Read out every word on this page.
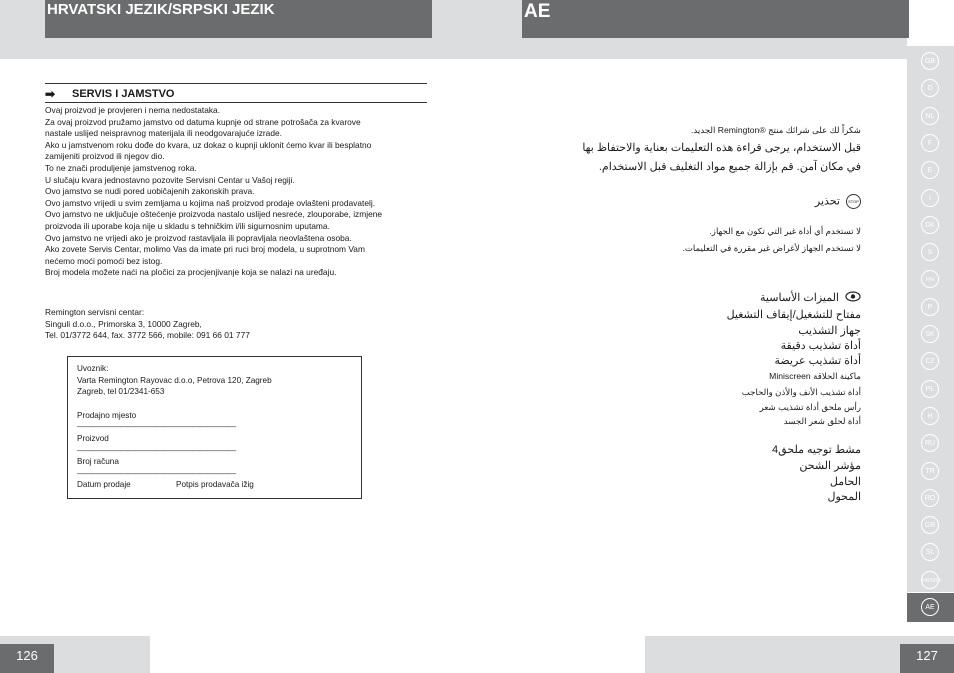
HRVATSKI JEZIK/SRPSKI JEZIK
➡ SERVIS I JAMSTVO
Ovaj proizvod je provjeren i nema nedostataka.
Za ovaj proizvod pružamo jamstvo od datuma kupnje od strane potrošača za kvarove
nastale uslijed neispravnog materijala ili neodgovarajuće izrade.
Ako u jamstvenom roku dođe do kvara, uz dokaz o kupnji uklonit ćemo kvar ili besplatno
zamijeniti proizvod ili njegov dio.
To ne znači produljenje jamstvenog roka.
U slučaju kvara jednostavno pozovite Servisni Centar u Vašoj regiji.
Ovo jamstvo se nudi pored uobičajenih zakonskih prava.
Ovo jamstvo vrijedi u svim zemljama u kojima naš proizvod prodaje ovlašteni prodavatelj.
Ovo jamstvo ne uključuje oštećenje proizvoda nastalo uslijed nesreće, zlouporabe, izmjene
proizvoda ili uporabe koja nije u skladu s tehničkim i/ili sigurnosnim uputama.
Ovo jamstvo ne vrijedi ako je proizvod rastavljala ili popravljala neovlaštena osoba.
Ako zovete Servis Centar, molimo Vas da imate pri ruci broj modela, u suprotnom Vam
nećemo moći pomoći bez istog.
Broj modela možete naći na pločici za procjenjivanje koja se nalazi na uređaju.
Remington servisni centar:
Singuli d.o.o., Primorska 3, 10000 Zagreb,
Tel. 01/3772 644, fax. 3772 566, mobile: 091 66 01 777
Uvoznik:
Varta Remington Rayovac d.o.o, Petrova 120, Zagreb
Zagreb, tel 01/2341-653
Prodajno mjesto
——————————————————————
Proizvod
——————————————————————
Broj računa
——————————————————————
Datum prodaje	Potpis prodavača ižig
126
AE
شكراً لك على شرائك منتج ®Remington الجديد.
قبل الاستخدام، يرجى قراءة هذه التعليمات بعناية والاحتفاظ بها
في مكان آمن. قم بإزالة جميع مواد التغليف قبل الاستخدام.
STOPتحذير
لا تستخدم أي أداة غير التي تكون مع الجهاز.
لا تستخدم الجهاز لأغراض غير مقررة في التعليمات.
الميزات الأساسية
مفتاح للتشغيل/إيقاف التشغيل
جهاز التشذيب
أداة تشذيب دقيقة
أداة تشذيب عريضة
ماكينة الحلاقة Miniscreen
أداة تشذيب الأنف والأذن والحاجب
رأس ملحق أداة تشذيب شعر
أداة لحلق شعر الجسد
مشط توجيه ملحق4
مؤشر الشحن
الحامل
المحول
GB
D
NL
F
E
I
DK
S
FIN
P
SK
CZ
PL
H
RU
TR
RO
GR
SL
HR/SRB
AE
127
